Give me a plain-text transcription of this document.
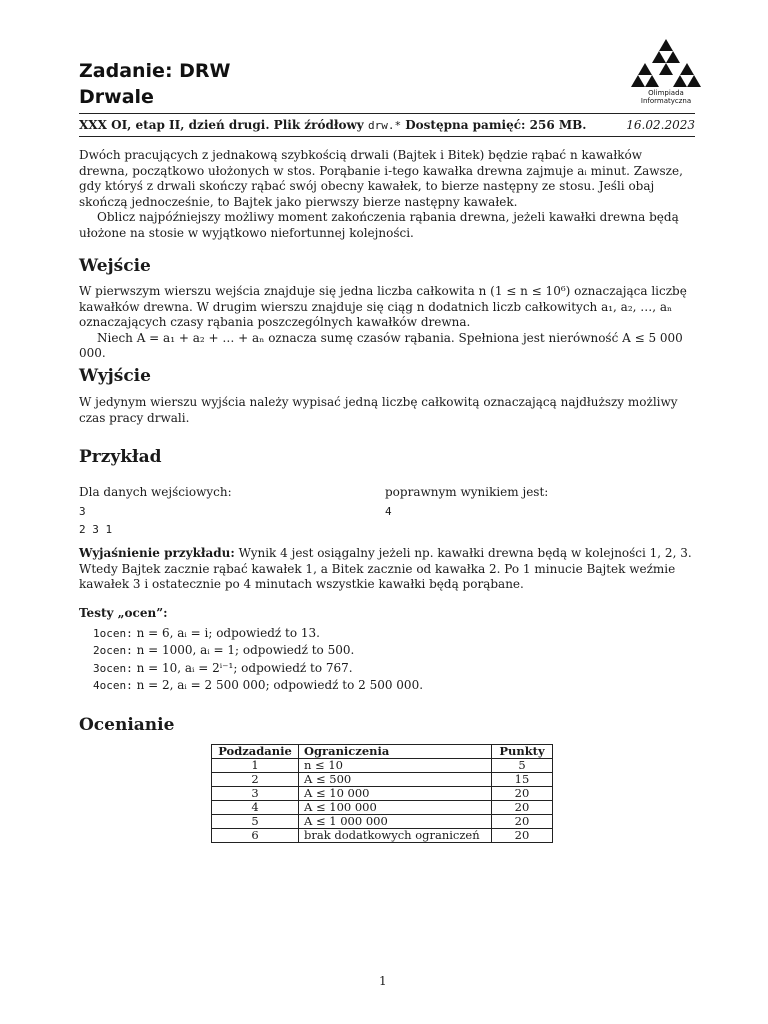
Zadanie: DRW
Drwale	Olimpiada
Informatyczna
XXX OI, etap II, dzień drugi. Plik źródłowy drw.* Dostępna pamięć: 256 MB.	16.02.2023

Dwóch pracujących z jednakową szybkością drwali (Bajtek i Bitek) będzie rąbać n kawałków drewna, początkowo ułożonych w stos. Porąbanie i-tego kawałka drewna zajmuje aᵢ minut. Zawsze, gdy któryś z drwali skończy rąbać swój obecny kawałek, to bierze następny ze stosu. Jeśli obaj skończą jednocześnie, to Bajtek jako pierwszy bierze następny kawałek.

Oblicz najpóźniejszy możliwy moment zakończenia rąbania drewna, jeżeli kawałki drewna będą ułożone na stosie w wyjątkowo niefortunnej kolejności.

Wejście

W pierwszym wierszu wejścia znajduje się jedna liczba całkowita n (1 ≤ n ≤ 10⁶) oznaczająca liczbę kawałków drewna. W drugim wierszu znajduje się ciąg n dodatnich liczb całkowitych a₁, a₂, …, aₙ oznaczających czasy rąbania poszczególnych kawałków drewna.

Niech A = a₁ + a₂ + … + aₙ oznacza sumę czasów rąbania. Spełniona jest nierówność A ≤ 5 000 000.

Wyjście

W jedynym wierszu wyjścia należy wypisać jedną liczbę całkowitą oznaczającą najdłuższy możliwy czas pracy drwali.

Przykład
Dla danych wejściowych:
3
2 3 1
poprawnym wynikiem jest:
4

Wyjaśnienie przykładu: Wynik 4 jest osiągalny jeżeli np. kawałki drewna będą w kolejności 1, 2, 3. Wtedy Bajtek zacznie rąbać kawałek 1, a Bitek zacznie od kawałka 2. Po 1 minucie Bajtek weźmie kawałek 3 i ostatecznie po 4 minutach wszystkie kawałki będą porąbane.

Testy „ocen”:
1ocen: n = 6, aᵢ = i; odpowiedź to 13.
2ocen: n = 1000, aᵢ = 1; odpowiedź to 500.
3ocen: n = 10, aᵢ = 2ⁱ⁻¹; odpowiedź to 767.
4ocen: n = 2, aᵢ = 2 500 000; odpowiedź to 2 500 000.
Ocenianie
Podzadanie	Ograniczenia	Punkty
1	n ≤ 10	5
2	A ≤ 500	15
3	A ≤ 10 000	20
4	A ≤ 100 000	20
5	A ≤ 1 000 000	20
6	brak dodatkowych ograniczeń	20
1
